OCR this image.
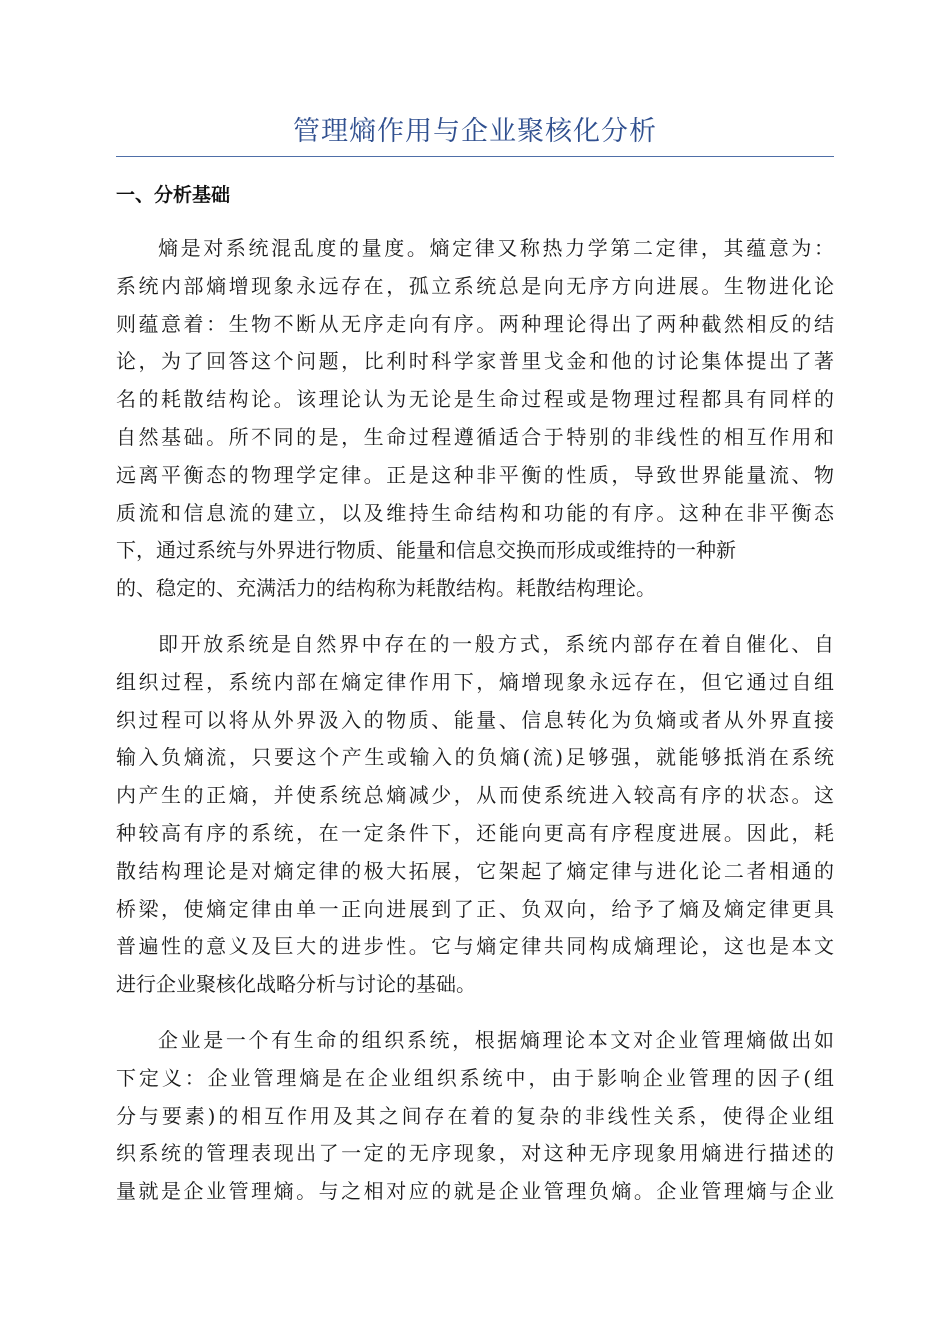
管理熵作用与企业聚核化分析
一、分析基础

熵是对系统混乱度的量度。熵定律又称热力学第二定律，其蕴意为：
系统内部熵增现象永远存在，孤立系统总是向无序方向进展。生物进化论
则蕴意着：生物不断从无序走向有序。两种理论得出了两种截然相反的结
论，为了回答这个问题，比利时科学家普里戈金和他的讨论集体提出了著
名的耗散结构论。该理论认为无论是生命过程或是物理过程都具有同样的
自然基础。所不同的是，生命过程遵循适合于特别的非线性的相互作用和
远离平衡态的物理学定律。正是这种非平衡的性质，导致世界能量流、物
质流和信息流的建立，以及维持生命结构和功能的有序。这种在非平衡态
下，通过系统与外界进行物质、能量和信息交换而形成或维持的一种新
的、稳定的、充满活力的结构称为耗散结构。耗散结构理论。

即开放系统是自然界中存在的一般方式，系统内部存在着自催化、自
组织过程，系统内部在熵定律作用下，熵增现象永远存在，但它通过自组
织过程可以将从外界汲入的物质、能量、信息转化为负熵或者从外界直接
输入负熵流，只要这个产生或输入的负熵(流)足够强，就能够抵消在系统
内产生的正熵，并使系统总熵减少，从而使系统进入较高有序的状态。这
种较高有序的系统，在一定条件下，还能向更高有序程度进展。因此，耗
散结构理论是对熵定律的极大拓展，它架起了熵定律与进化论二者相通的
桥梁，使熵定律由单一正向进展到了正、负双向，给予了熵及熵定律更具
普遍性的意义及巨大的进步性。它与熵定律共同构成熵理论，这也是本文
进行企业聚核化战略分析与讨论的基础。

企业是一个有生命的组织系统，根据熵理论本文对企业管理熵做出如
下定义：企业管理熵是在企业组织系统中，由于影响企业管理的因子(组
分与要素)的相互作用及其之间存在着的复杂的非线性关系，使得企业组
织系统的管理表现出了一定的无序现象，对这种无序现象用熵进行描述的
量就是企业管理熵。与之相对应的就是企业管理负熵。企业管理熵与企业
